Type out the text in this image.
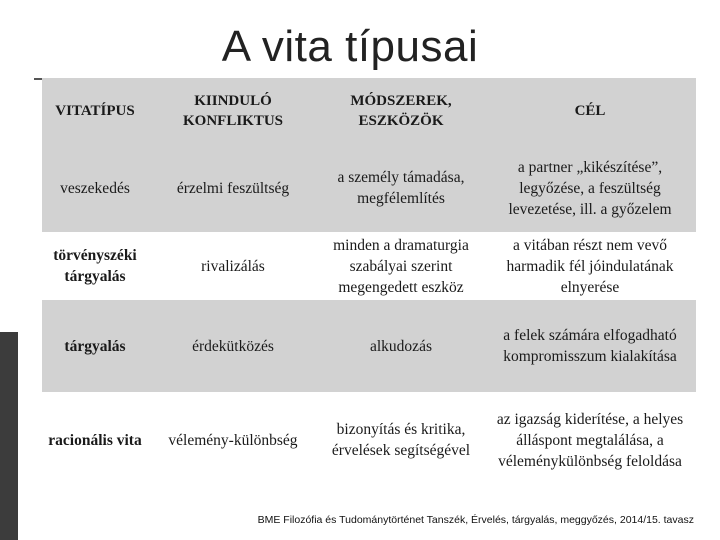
A vita típusai
VITATÍPUS	KIINDULÓ KONFLIKTUS	MÓDSZEREK, ESZKÖZÖK	CÉL
veszekedés	érzelmi feszültség	a személy támadása, megfélemlítés	a partner „kikészítése”, legyőzése, a feszültség levezetése, ill. a győzelem
törvényszéki tárgyalás	rivalizálás	minden a dramaturgia szabályai szerint megengedett eszköz	a vitában részt nem vevő harmadik fél jóindulatának elnyerése
tárgyalás	érdekütközés	alkudozás	a felek számára elfogadható kompromisszum kialakítása
racionális vita	vélemény-különbség	bizonyítás és kritika, érvelések segítségével	az igazság kiderítése, a helyes álláspont megtalálása, a véleménykülönbség feloldása
BME Filozófia és Tudománytörténet Tanszék, Érvelés, tárgyalás, meggyőzés, 2014/15. tavasz
